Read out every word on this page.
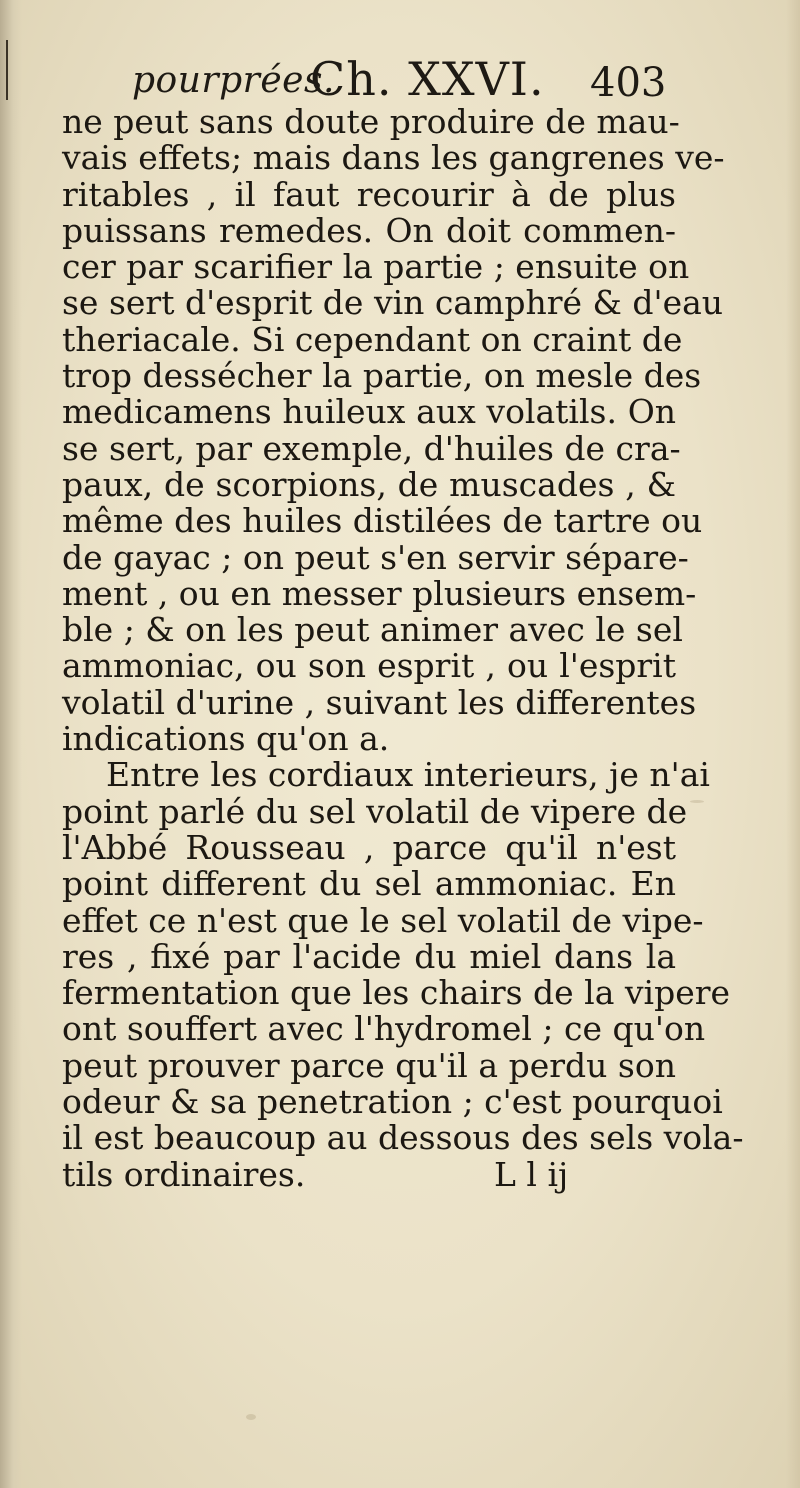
pourprées.
Ch. XXVI. 403
ne peut sans doute produire de mau-
vais effets; mais dans les gangrenes ve-
ritables , il faut recourir à de plus
puissans remedes. On doit commen-
cer par scarifier la partie ; ensuite on
se sert d'esprit de vin camphré & d'eau
theriacale. Si cependant on craint de
trop dessécher la partie, on mesle des
medicamens huileux aux volatils. On
se sert, par exemple, d'huiles de cra-
paux, de scorpions, de muscades , &
même des huiles distilées de tartre ou
de gayac ; on peut s'en servir sépare-
ment , ou en messer plusieurs ensem-
ble ; & on les peut animer avec le sel
ammoniac, ou son esprit , ou l'esprit
volatil d'urine , suivant les differentes
indications qu'on a.
Entre les cordiaux interieurs, je n'ai
point parlé du sel volatil de vipere de
l'Abbé Rousseau , parce qu'il n'est
point different du sel ammoniac. En
effet ce n'est que le sel volatil de vipe-
res , fixé par l'acide du miel dans la
fermentation que les chairs de la vipere
ont souffert avec l'hydromel ; ce qu'on
peut prouver parce qu'il a perdu son
odeur & sa penetration ; c'est pourquoi
il est beaucoup au dessous des sels vola-
tils ordinaires.	L l ij
